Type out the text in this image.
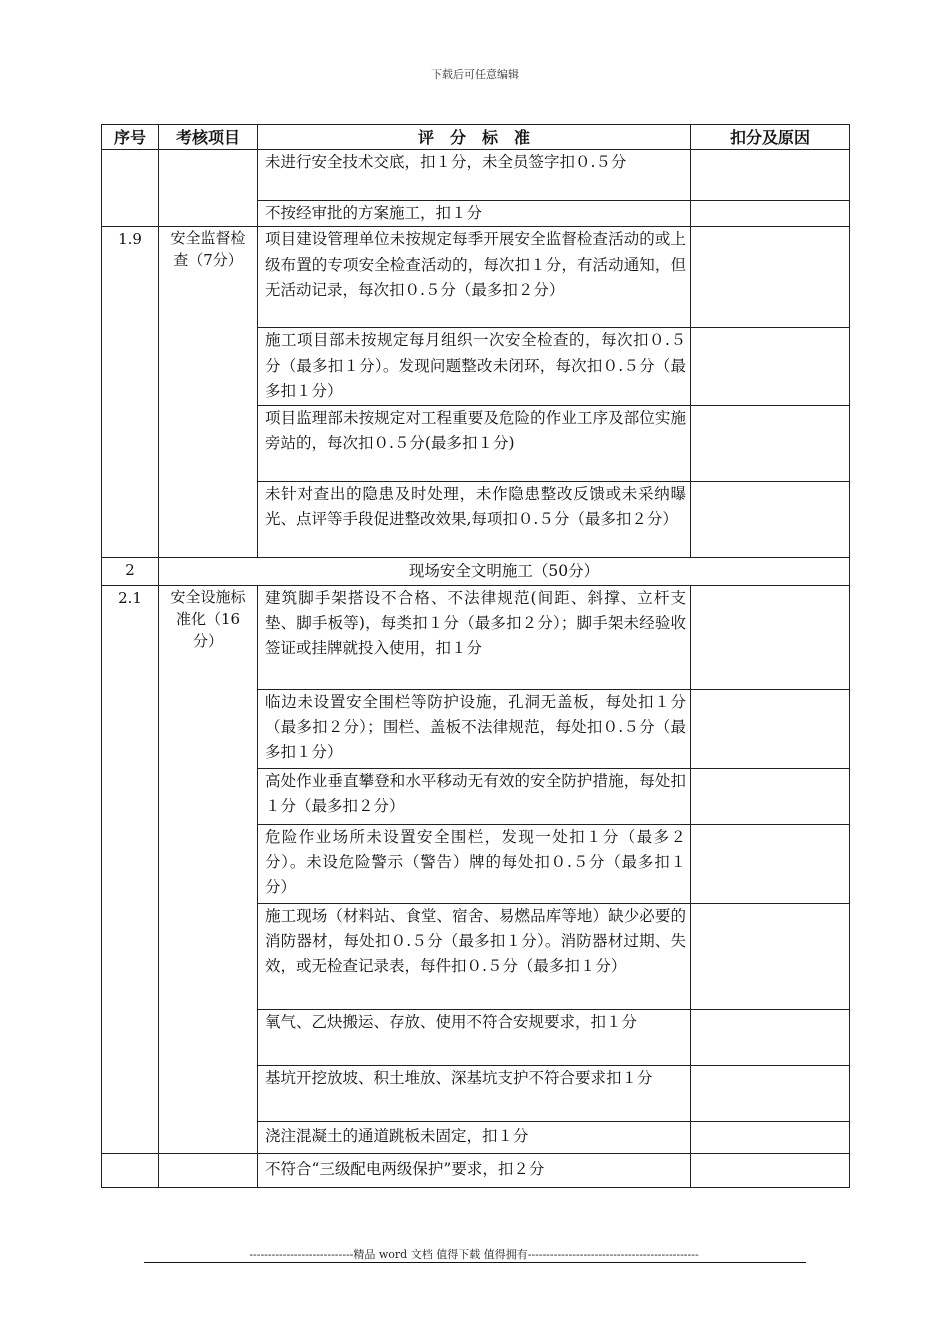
下载后可任意编辑
序号	考核项目	评　分　标　准	扣分及原因
		未进行安全技术交底，扣１分，未全员签字扣０.５分	
		不按经审批的方案施工，扣１分	
1.9	安全监督检查（7分）	项目建设管理单位未按规定每季开展安全监督检查活动的或上级布置的专项安全检查活动的，每次扣１分，有活动通知，但无活动记录，每次扣０.５分（最多扣２分）	
		施工项目部未按规定每月组织一次安全检查的，每次扣０.５分（最多扣１分）。发现问题整改未闭环，每次扣０.５分（最多扣１分）	
		项目监理部未按规定对工程重要及危险的作业工序及部位实施旁站的，每次扣０.５分(最多扣１分)	
		未针对查出的隐患及时处理，未作隐患整改反馈或未采纳曝光、点评等手段促进整改效果,每项扣０.５分（最多扣２分）	
2	现场安全文明施工（50分）		
2.1	安全设施标准化（16分）	建筑脚手架搭设不合格、不法律规范(间距、斜撑、立杆支垫、脚手板等)，每类扣１分（最多扣２分）；脚手架未经验收签证或挂牌就投入使用，扣１分	
		临边未设置安全围栏等防护设施，孔洞无盖板，每处扣１分（最多扣２分）；围栏、盖板不法律规范，每处扣０.５分（最多扣１分）	
		高处作业垂直攀登和水平移动无有效的安全防护措施，每处扣１分（最多扣２分）	
		危险作业场所未设置安全围栏，发现一处扣１分（最多２分）。未设危险警示（警告）牌的每处扣０.５分（最多扣１分）	
		施工现场（材料站、食堂、宿舍、易燃品库等地）缺少必要的消防器材，每处扣０.５分（最多扣１分）。消防器材过期、失效，或无检查记录表，每件扣０.５分（最多扣１分）	
		氧气、乙炔搬运、存放、使用不符合安规要求，扣１分	
		基坑开挖放坡、积土堆放、深基坑支护不符合要求扣１分	
		浇注混凝土的通道跳板未固定，扣１分	
		不符合“三级配电两级保护”要求，扣２分	
----------------------------精品 word 文档 值得下载 值得拥有----------------------------------------------
